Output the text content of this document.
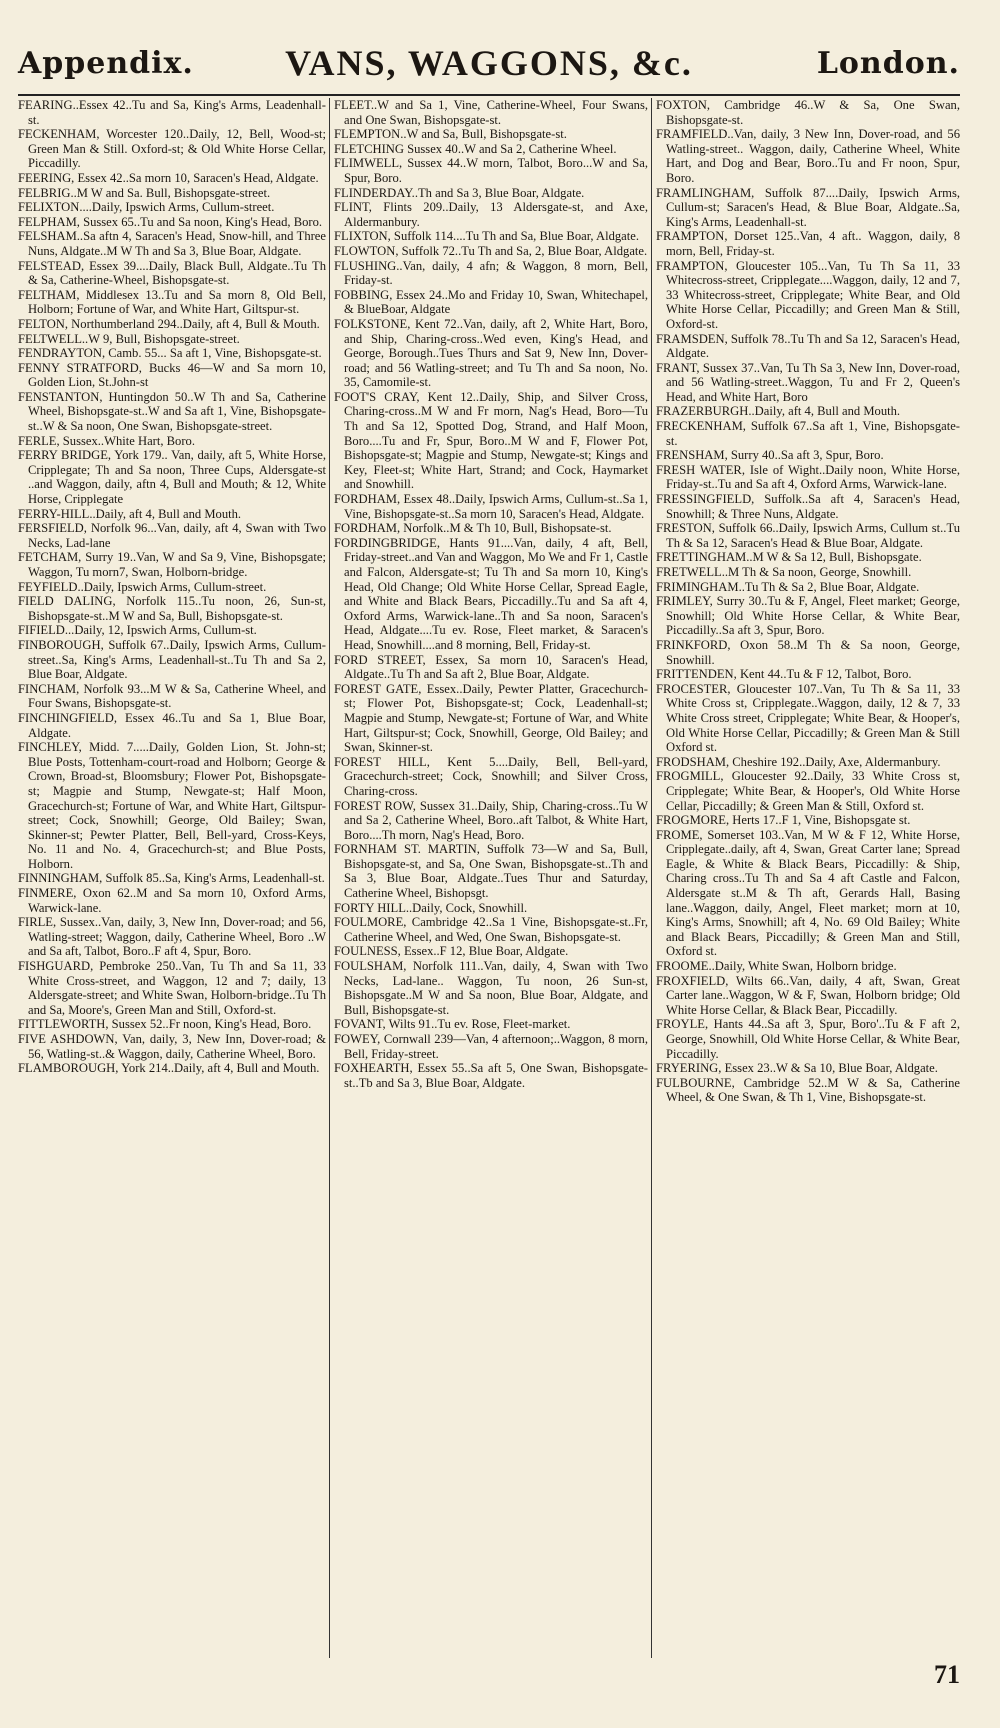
Appendix.	VANS, WAGGONS, &c.	London.

FEARING..Essex 42..Tu and Sa, King's Arms, Leadenhall-st.

FECKENHAM, Worcester 120..Daily, 12, Bell, Wood-st; Green Man & Still. Oxford-st; & Old White Horse Cellar, Piccadilly.

FEERING, Essex 42..Sa morn 10, Saracen's Head, Aldgate.

FELBRIG..M W and Sa. Bull, Bishopsgate-street.

FELIXTON....Daily, Ipswich Arms, Cullum-street.

FELPHAM, Sussex 65..Tu and Sa noon, King's Head, Boro.

FELSHAM..Sa aftn 4, Saracen's Head, Snow-hill, and Three Nuns, Aldgate..M W Th and Sa 3, Blue Boar, Aldgate.

FELSTEAD, Essex 39....Daily, Black Bull, Aldgate..Tu Th & Sa, Catherine-Wheel, Bishopsgate-st.

FELTHAM, Middlesex 13..Tu and Sa morn 8, Old Bell, Holborn; Fortune of War, and White Hart, Giltspur-st.

FELTON, Northumberland 294..Daily, aft 4, Bull & Mouth.

FELTWELL..W 9, Bull, Bishopsgate-street.

FENDRAYTON, Camb. 55... Sa aft 1, Vine, Bishopsgate-st.

FENNY STRATFORD, Bucks 46—W and Sa morn 10, Golden Lion, St.John-st

FENSTANTON, Huntingdon 50..W Th and Sa, Catherine Wheel, Bishopsgate-st..W and Sa aft 1, Vine, Bishopsgate-st..W & Sa noon, One Swan, Bishopsgate-street.

FERLE, Sussex..White Hart, Boro.

FERRY BRIDGE, York 179.. Van, daily, aft 5, White Horse, Cripplegate; Th and Sa noon, Three Cups, Aldersgate-st ..and Waggon, daily, aftn 4, Bull and Mouth; & 12, White Horse, Cripplegate

FERRY-HILL..Daily, aft 4, Bull and Mouth.

FERSFIELD, Norfolk 96...Van, daily, aft 4, Swan with Two Necks, Lad-lane

FETCHAM, Surry 19..Van, W and Sa 9, Vine, Bishopsgate; Waggon, Tu morn7, Swan, Holborn-bridge.

FEYFIELD..Daily, Ipswich Arms, Cullum-street.

FIELD DALING, Norfolk 115..Tu noon, 26, Sun-st, Bishopsgate-st..M W and Sa, Bull, Bishopsgate-st.

FIFIELD...Daily, 12, Ipswich Arms, Cullum-st.

FINBOROUGH, Suffolk 67..Daily, Ipswich Arms, Cullum-street..Sa, King's Arms, Leadenhall-st..Tu Th and Sa 2, Blue Boar, Aldgate.

FINCHAM, Norfolk 93...M W & Sa, Catherine Wheel, and Four Swans, Bishopsgate-st.

FINCHINGFIELD, Essex 46..Tu and Sa 1, Blue Boar, Aldgate.

FINCHLEY, Midd. 7.....Daily, Golden Lion, St. John-st; Blue Posts, Tottenham-court-road and Holborn; George & Crown, Broad-st, Bloomsbury; Flower Pot, Bishopsgate-st; Magpie and Stump, Newgate-st; Half Moon, Gracechurch-st; Fortune of War, and White Hart, Giltspur-street; Cock, Snowhill; George, Old Bailey; Swan, Skinner-st; Pewter Platter, Bell, Bell-yard, Cross-Keys, No. 11 and No. 4, Gracechurch-st; and Blue Posts, Holborn.

FINNINGHAM, Suffolk 85..Sa, King's Arms, Leadenhall-st.

FINMERE, Oxon 62..M and Sa morn 10, Oxford Arms, Warwick-lane.

FIRLE, Sussex..Van, daily, 3, New Inn, Dover-road; and 56, Watling-street; Waggon, daily, Catherine Wheel, Boro ..W and Sa aft, Talbot, Boro..F aft 4, Spur, Boro.

FISHGUARD, Pembroke 250..Van, Tu Th and Sa 11, 33 White Cross-street, and Waggon, 12 and 7; daily, 13 Aldersgate-street; and White Swan, Holborn-bridge..Tu Th and Sa, Moore's, Green Man and Still, Oxford-st.

FITTLEWORTH, Sussex 52..Fr noon, King's Head, Boro.

FIVE ASHDOWN, Van, daily, 3, New Inn, Dover-road; & 56, Watling-st..& Waggon, daily, Catherine Wheel, Boro.

FLAMBOROUGH, York 214..Daily, aft 4, Bull and Mouth.

FLEET..W and Sa 1, Vine, Catherine-Wheel, Four Swans, and One Swan, Bishopsgate-st.

FLEMPTON..W and Sa, Bull, Bishopsgate-st.

FLETCHING Sussex 40..W and Sa 2, Catherine Wheel.

FLIMWELL, Sussex 44..W morn, Talbot, Boro...W and Sa, Spur, Boro.

FLINDERDAY..Th and Sa 3, Blue Boar, Aldgate.

FLINT, Flints 209..Daily, 13 Aldersgate-st, and Axe, Aldermanbury.

FLIXTON, Suffolk 114....Tu Th and Sa, Blue Boar, Aldgate.

FLOWTON, Suffolk 72..Tu Th and Sa, 2, Blue Boar, Aldgate.

FLUSHING..Van, daily, 4 afn; & Waggon, 8 morn, Bell, Friday-st.

FOBBING, Essex 24..Mo and Friday 10, Swan, Whitechapel, & BlueBoar, Aldgate

FOLKSTONE, Kent 72..Van, daily, aft 2, White Hart, Boro, and Ship, Charing-cross..Wed even, King's Head, and George, Borough..Tues Thurs and Sat 9, New Inn, Dover-road; and 56 Watling-street; and Tu Th and Sa noon, No. 35, Camomile-st.

FOOT'S CRAY, Kent 12..Daily, Ship, and Silver Cross, Charing-cross..M W and Fr morn, Nag's Head, Boro—Tu Th and Sa 12, Spotted Dog, Strand, and Half Moon, Boro....Tu and Fr, Spur, Boro..M W and F, Flower Pot, Bishopsgate-st; Magpie and Stump, Newgate-st; Kings and Key, Fleet-st; White Hart, Strand; and Cock, Haymarket and Snowhill.

FORDHAM, Essex 48..Daily, Ipswich Arms, Cullum-st..Sa 1, Vine, Bishopsgate-st..Sa morn 10, Saracen's Head, Aldgate.

FORDHAM, Norfolk..M & Th 10, Bull, Bishopsate-st.

FORDINGBRIDGE, Hants 91....Van, daily, 4 aft, Bell, Friday-street..and Van and Waggon, Mo We and Fr 1, Castle and Falcon, Aldersgate-st; Tu Th and Sa morn 10, King's Head, Old Change; Old White Horse Cellar, Spread Eagle, and White and Black Bears, Piccadilly..Tu and Sa aft 4, Oxford Arms, Warwick-lane..Th and Sa noon, Saracen's Head, Aldgate....Tu ev. Rose, Fleet market, & Saracen's Head, Snowhill....and 8 morning, Bell, Friday-st.

FORD STREET, Essex, Sa morn 10, Saracen's Head, Aldgate..Tu Th and Sa aft 2, Blue Boar, Aldgate.

FOREST GATE, Essex..Daily, Pewter Platter, Gracechurch-st; Flower Pot, Bishopsgate-st; Cock, Leadenhall-st; Magpie and Stump, Newgate-st; Fortune of War, and White Hart, Giltspur-st; Cock, Snowhill, George, Old Bailey; and Swan, Skinner-st.

FOREST HILL, Kent 5....Daily, Bell, Bell-yard, Gracechurch-street; Cock, Snowhill; and Silver Cross, Charing-cross.

FOREST ROW, Sussex 31..Daily, Ship, Charing-cross..Tu W and Sa 2, Catherine Wheel, Boro..aft Talbot, & White Hart, Boro....Th morn, Nag's Head, Boro.

FORNHAM ST. MARTIN, Suffolk 73—W and Sa, Bull, Bishopsgate-st, and Sa, One Swan, Bishopsgate-st..Th and Sa 3, Blue Boar, Aldgate..Tues Thur and Saturday, Catherine Wheel, Bishopsgt.

FORTY HILL..Daily, Cock, Snowhill.

FOULMORE, Cambridge 42..Sa 1 Vine, Bishopsgate-st..Fr, Catherine Wheel, and Wed, One Swan, Bishopsgate-st.

FOULNESS, Essex..F 12, Blue Boar, Aldgate.

FOULSHAM, Norfolk 111..Van, daily, 4, Swan with Two Necks, Lad-lane.. Waggon, Tu noon, 26 Sun-st, Bishopsgate..M W and Sa noon, Blue Boar, Aldgate, and Bull, Bishopsgate-st.

FOVANT, Wilts 91..Tu ev. Rose, Fleet-market.

FOWEY, Cornwall 239—Van, 4 afternoon;..Waggon, 8 morn, Bell, Friday-street.

FOXHEARTH, Essex 55..Sa aft 5, One Swan, Bishopsgate-st..Tb and Sa 3, Blue Boar, Aldgate.

FOXTON, Cambridge 46..W & Sa, One Swan, Bishopsgate-st.

FRAMFIELD..Van, daily, 3 New Inn, Dover-road, and 56 Watling-street.. Waggon, daily, Catherine Wheel, White Hart, and Dog and Bear, Boro..Tu and Fr noon, Spur, Boro.

FRAMLINGHAM, Suffolk 87....Daily, Ipswich Arms, Cullum-st; Saracen's Head, & Blue Boar, Aldgate..Sa, King's Arms, Leadenhall-st.

FRAMPTON, Dorset 125..Van, 4 aft.. Waggon, daily, 8 morn, Bell, Friday-st.

FRAMPTON, Gloucester 105...Van, Tu Th Sa 11, 33 Whitecross-street, Cripplegate....Waggon, daily, 12 and 7, 33 Whitecross-street, Cripplegate; White Bear, and Old White Horse Cellar, Piccadilly; and Green Man & Still, Oxford-st.

FRAMSDEN, Suffolk 78..Tu Th and Sa 12, Saracen's Head, Aldgate.

FRANT, Sussex 37..Van, Tu Th Sa 3, New Inn, Dover-road, and 56 Watling-street..Waggon, Tu and Fr 2, Queen's Head, and White Hart, Boro

FRAZERBURGH..Daily, aft 4, Bull and Mouth.

FRECKENHAM, Suffolk 67..Sa aft 1, Vine, Bishopsgate-st.

FRENSHAM, Surry 40..Sa aft 3, Spur, Boro.

FRESH WATER, Isle of Wight..Daily noon, White Horse, Friday-st..Tu and Sa aft 4, Oxford Arms, Warwick-lane.

FRESSINGFIELD, Suffolk..Sa aft 4, Saracen's Head, Snowhill; & Three Nuns, Aldgate.

FRESTON, Suffolk 66..Daily, Ipswich Arms, Cullum st..Tu Th & Sa 12, Saracen's Head & Blue Boar, Aldgate.

FRETTINGHAM..M W & Sa 12, Bull, Bishopsgate.

FRETWELL..M Th & Sa noon, George, Snowhill.

FRIMINGHAM..Tu Th & Sa 2, Blue Boar, Aldgate.

FRIMLEY, Surry 30..Tu & F, Angel, Fleet market; George, Snowhill; Old White Horse Cellar, & White Bear, Piccadilly..Sa aft 3, Spur, Boro.

FRINKFORD, Oxon 58..M Th & Sa noon, George, Snowhill.

FRITTENDEN, Kent 44..Tu & F 12, Talbot, Boro.

FROCESTER, Gloucester 107..Van, Tu Th & Sa 11, 33 White Cross st, Cripplegate..Waggon, daily, 12 & 7, 33 White Cross street, Cripplegate; White Bear, & Hooper's, Old White Horse Cellar, Piccadilly; & Green Man & Still Oxford st.

FRODSHAM, Cheshire 192..Daily, Axe, Aldermanbury.

FROGMILL, Gloucester 92..Daily, 33 White Cross st, Cripplegate; White Bear, & Hooper's, Old White Horse Cellar, Piccadilly; & Green Man & Still, Oxford st.

FROGMORE, Herts 17..F 1, Vine, Bishopsgate st.

FROME, Somerset 103..Van, M W & F 12, White Horse, Cripplegate..daily, aft 4, Swan, Great Carter lane; Spread Eagle, & White & Black Bears, Piccadilly: & Ship, Charing cross..Tu Th and Sa 4 aft Castle and Falcon, Aldersgate st..M & Th aft, Gerards Hall, Basing lane..Waggon, daily, Angel, Fleet market; morn at 10, King's Arms, Snowhill; aft 4, No. 69 Old Bailey; White and Black Bears, Piccadilly; & Green Man and Still, Oxford st.

FROOME..Daily, White Swan, Holborn bridge.

FROXFIELD, Wilts 66..Van, daily, 4 aft, Swan, Great Carter lane..Waggon, W & F, Swan, Holborn bridge; Old White Horse Cellar, & Black Bear, Piccadilly.

FROYLE, Hants 44..Sa aft 3, Spur, Boro'..Tu & F aft 2, George, Snowhill, Old White Horse Cellar, & White Bear, Piccadilly.

FRYERING, Essex 23..W & Sa 10, Blue Boar, Aldgate.

FULBOURNE, Cambridge 52..M W & Sa, Catherine Wheel, & One Swan, & Th 1, Vine, Bishopsgate-st.

71
